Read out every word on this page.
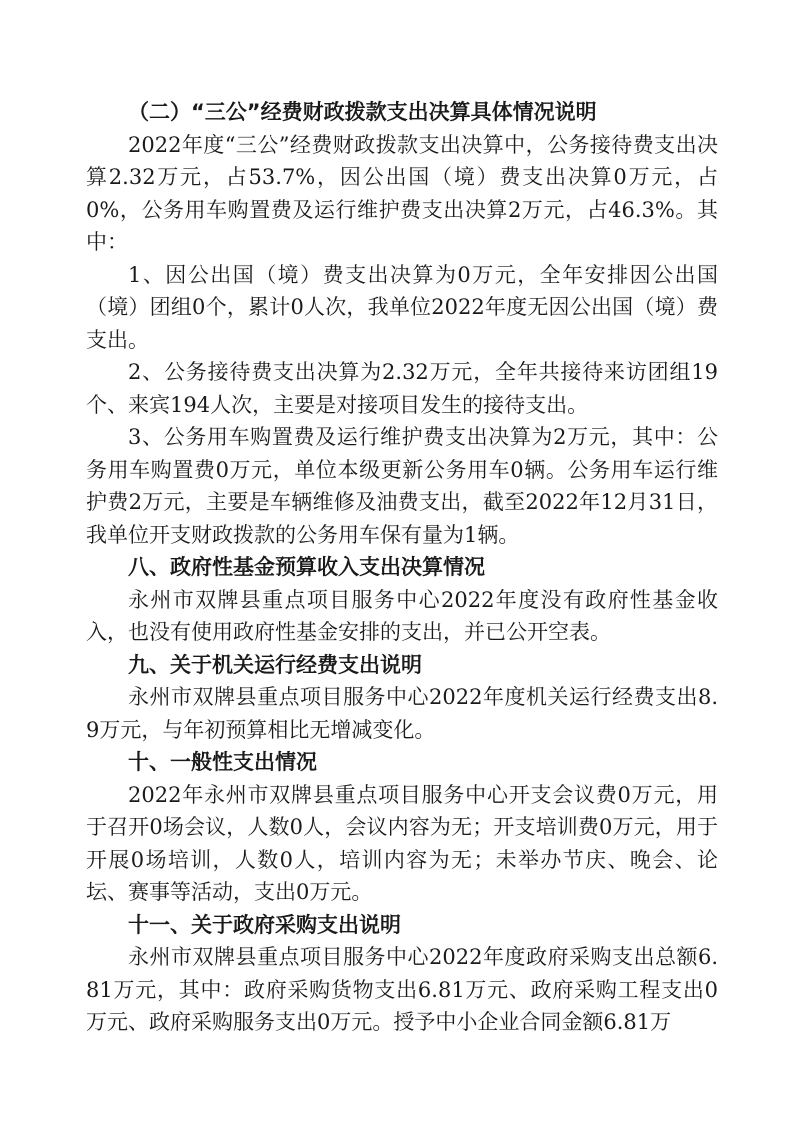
（二）“三公”经费财政拨款支出决算具体情况说明

2022年度“三公”经费财政拨款支出决算中，公务接待费支出决算2.32万元，占53.7%，因公出国（境）费支出决算0万元，占0%，公务用车购置费及运行维护费支出决算2万元，占46.3%。其中：

1、因公出国（境）费支出决算为0万元，全年安排因公出国（境）团组0个，累计0人次，我单位2022年度无因公出国（境）费支出。

2、公务接待费支出决算为2.32万元，全年共接待来访团组19个、来宾194人次，主要是对接项目发生的接待支出。

3、公务用车购置费及运行维护费支出决算为2万元，其中：公务用车购置费0万元，单位本级更新公务用车0辆。公务用车运行维护费2万元，主要是车辆维修及油费支出，截至2022年12月31日，我单位开支财政拨款的公务用车保有量为1辆。

八、政府性基金预算收入支出决算情况

永州市双牌县重点项目服务中心2022年度没有政府性基金收入，也没有使用政府性基金安排的支出，并已公开空表。

九、关于机关运行经费支出说明

永州市双牌县重点项目服务中心2022年度机关运行经费支出8.9万元，与年初预算相比无增减变化。

十、一般性支出情况

2022年永州市双牌县重点项目服务中心开支会议费0万元，用于召开0场会议，人数0人，会议内容为无；开支培训费0万元，用于开展0场培训，人数0人，培训内容为无；未举办节庆、晚会、论坛、赛事等活动，支出0万元。

十一、关于政府采购支出说明

永州市双牌县重点项目服务中心2022年度政府采购支出总额6.81万元，其中：政府采购货物支出6.81万元、政府采购工程支出0万元、政府采购服务支出0万元。授予中小企业合同金额6.81万
